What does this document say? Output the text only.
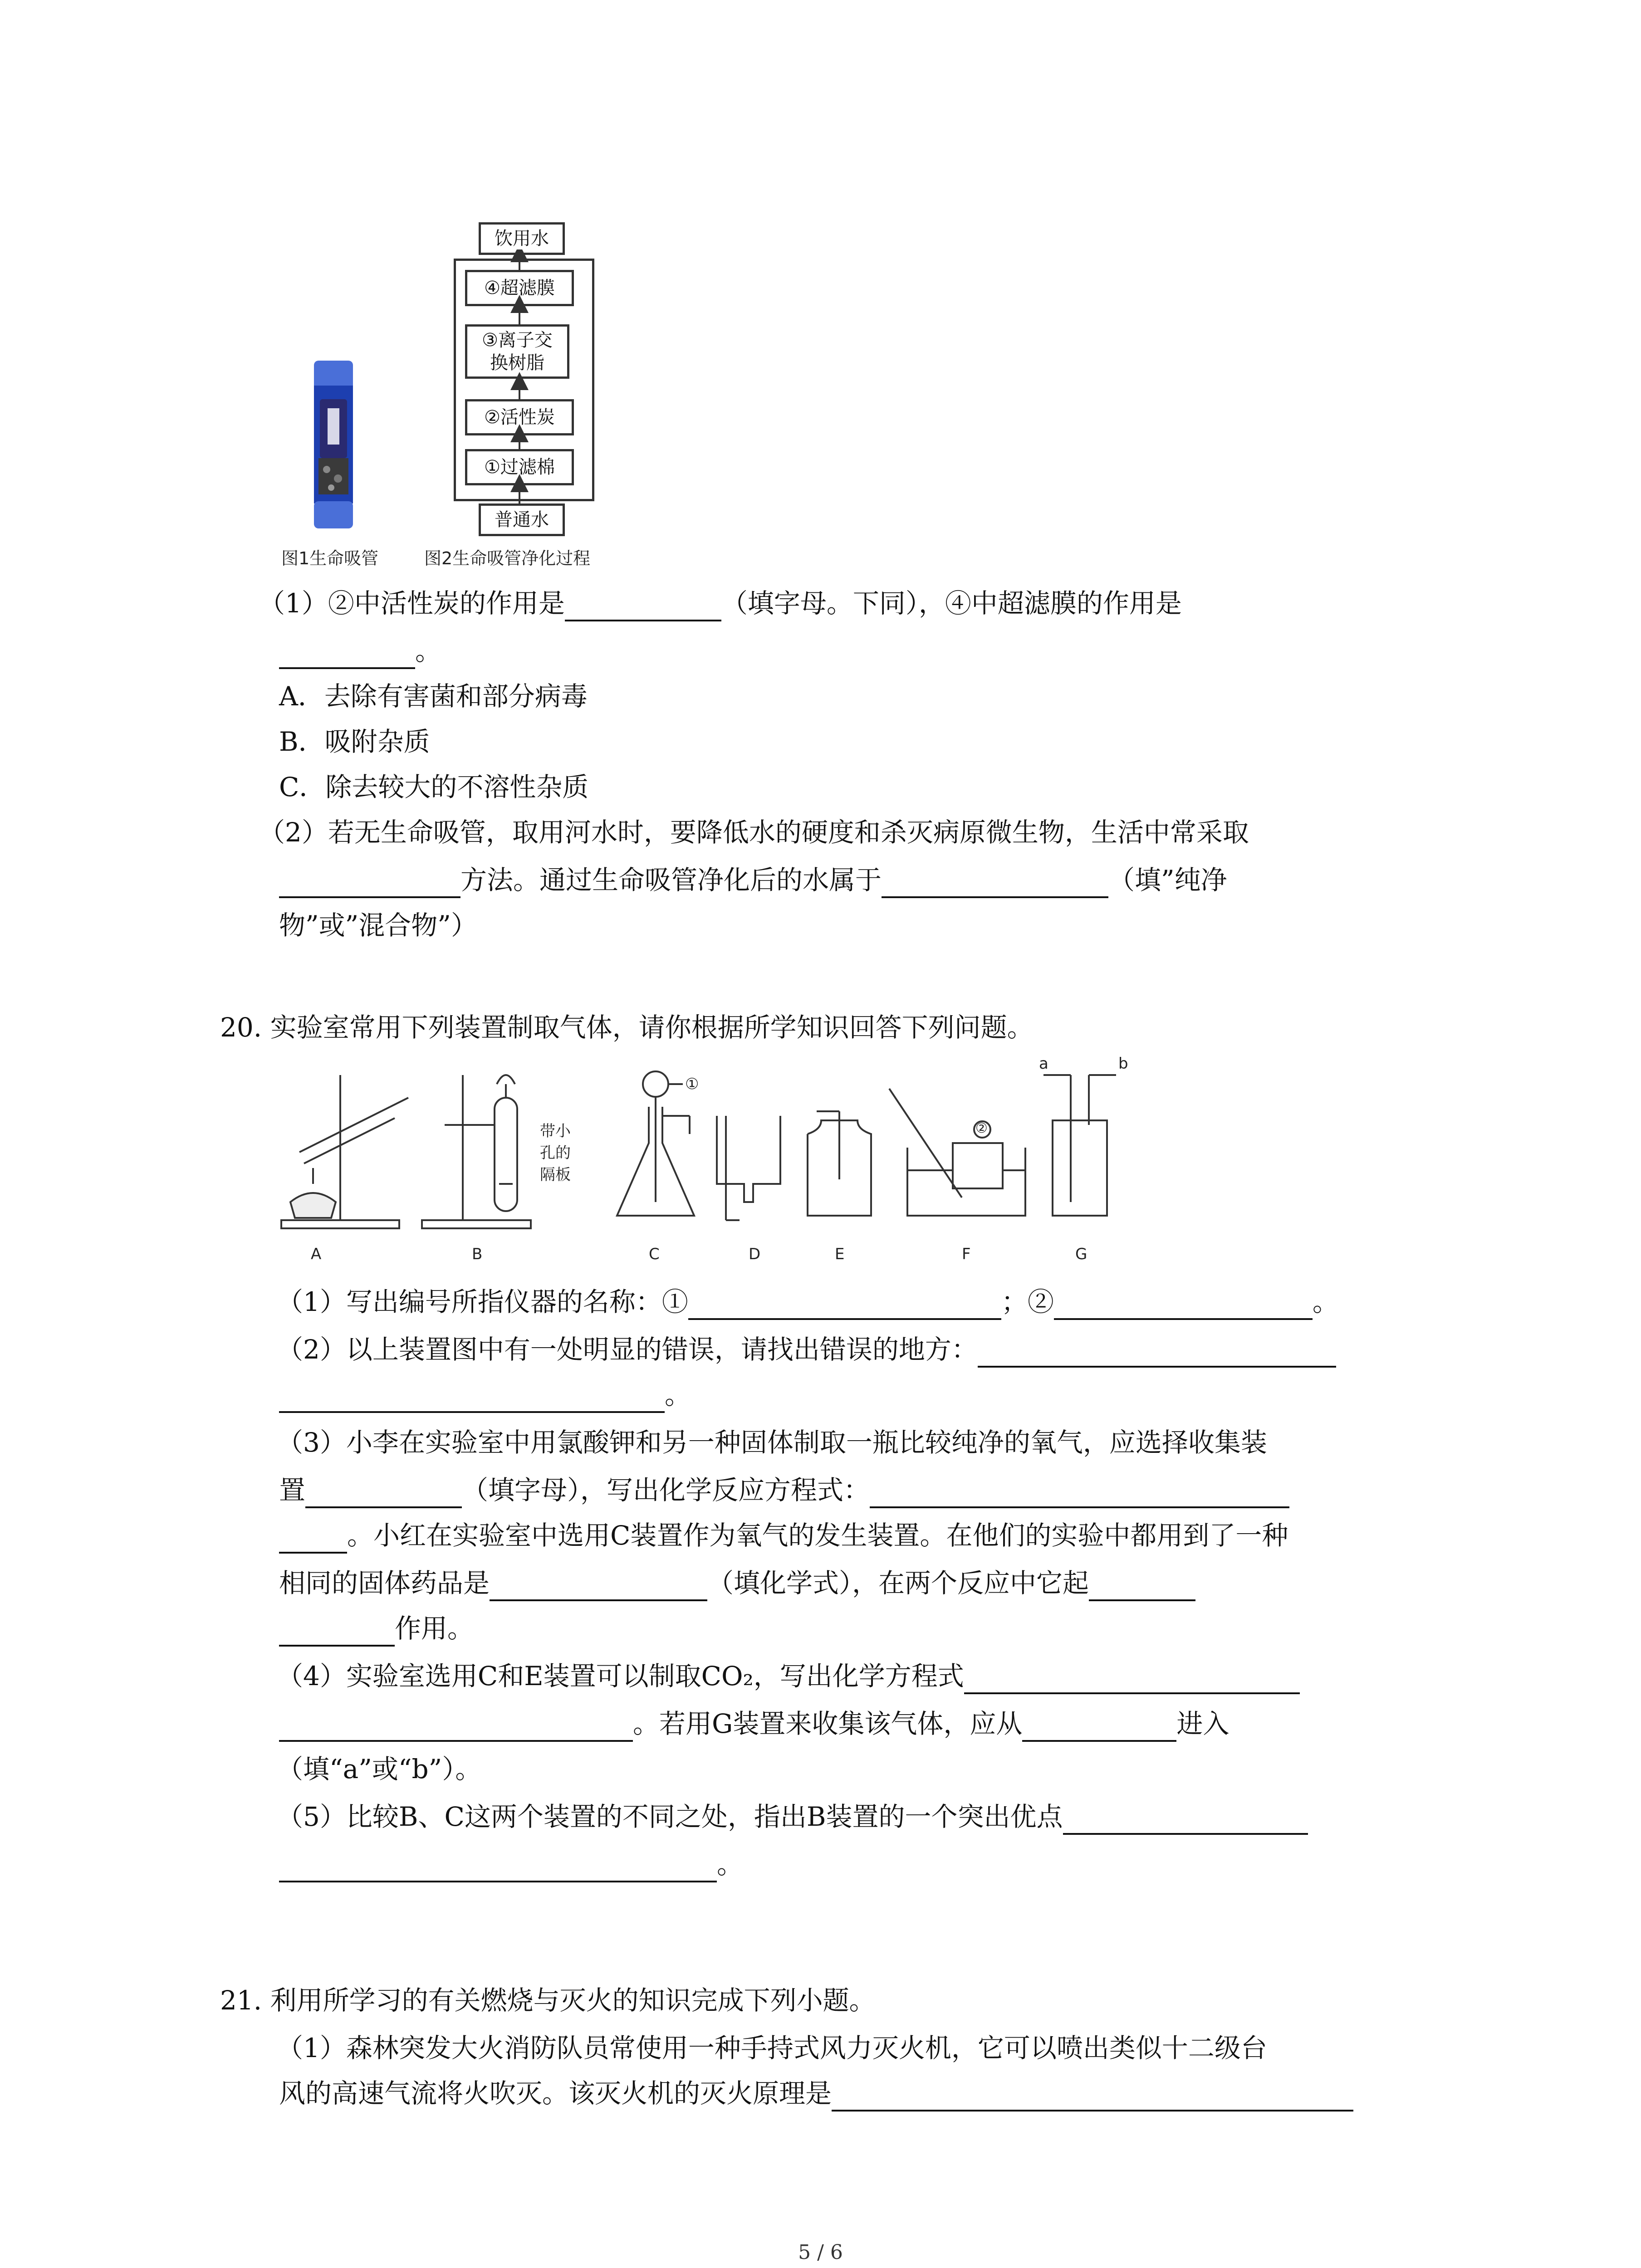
饮用水
④超滤膜
③离子交换树脂
②活性炭
①过滤棉
普通水
图1生命吸管	图2生命吸管净化过程
（1）②中活性炭的作用是	（填字母。下同），④中超滤膜的作用是
。
A．去除有害菌和部分病毒
B．吸附杂质
C．除去较大的不溶性杂质
（2）若无生命吸管，取用河水时，要降低水的硬度和杀灭病原微生物，生活中常采取
方法。通过生命吸管净化后的水属于	（填”纯净
物”或”混合物”）
20. 实验室常用下列装置制取气体，请你根据所学知识回答下列问题。
A	B	C	D	E	F	G
带小孔的隔板
①
②
a	b
（1）写出编号所指仪器的名称：①	；②	。
（2）以上装置图中有一处明显的错误，请找出错误的地方：
。
（3）小李在实验室中用氯酸钾和另一种固体制取一瓶比较纯净的氧气，应选择收集装
置	（填字母），写出化学反应方程式：
。小红在实验室中选用C装置作为氧气的发生装置。在他们的实验中都用到了一种
相同的固体药品是	（填化学式），在两个反应中它起
作用。
（4）实验室选用C和E装置可以制取CO₂，写出化学方程式
。若用G装置来收集该气体，应从	进入
（填“a”或“b”）。
（5）比较B、C这两个装置的不同之处，指出B装置的一个突出优点
。
21. 利用所学习的有关燃烧与灭火的知识完成下列小题。
（1）森林突发大火消防队员常使用一种手持式风力灭火机，它可以喷出类似十二级台
风的高速气流将火吹灭。该灭火机的灭火原理是
5 / 6
